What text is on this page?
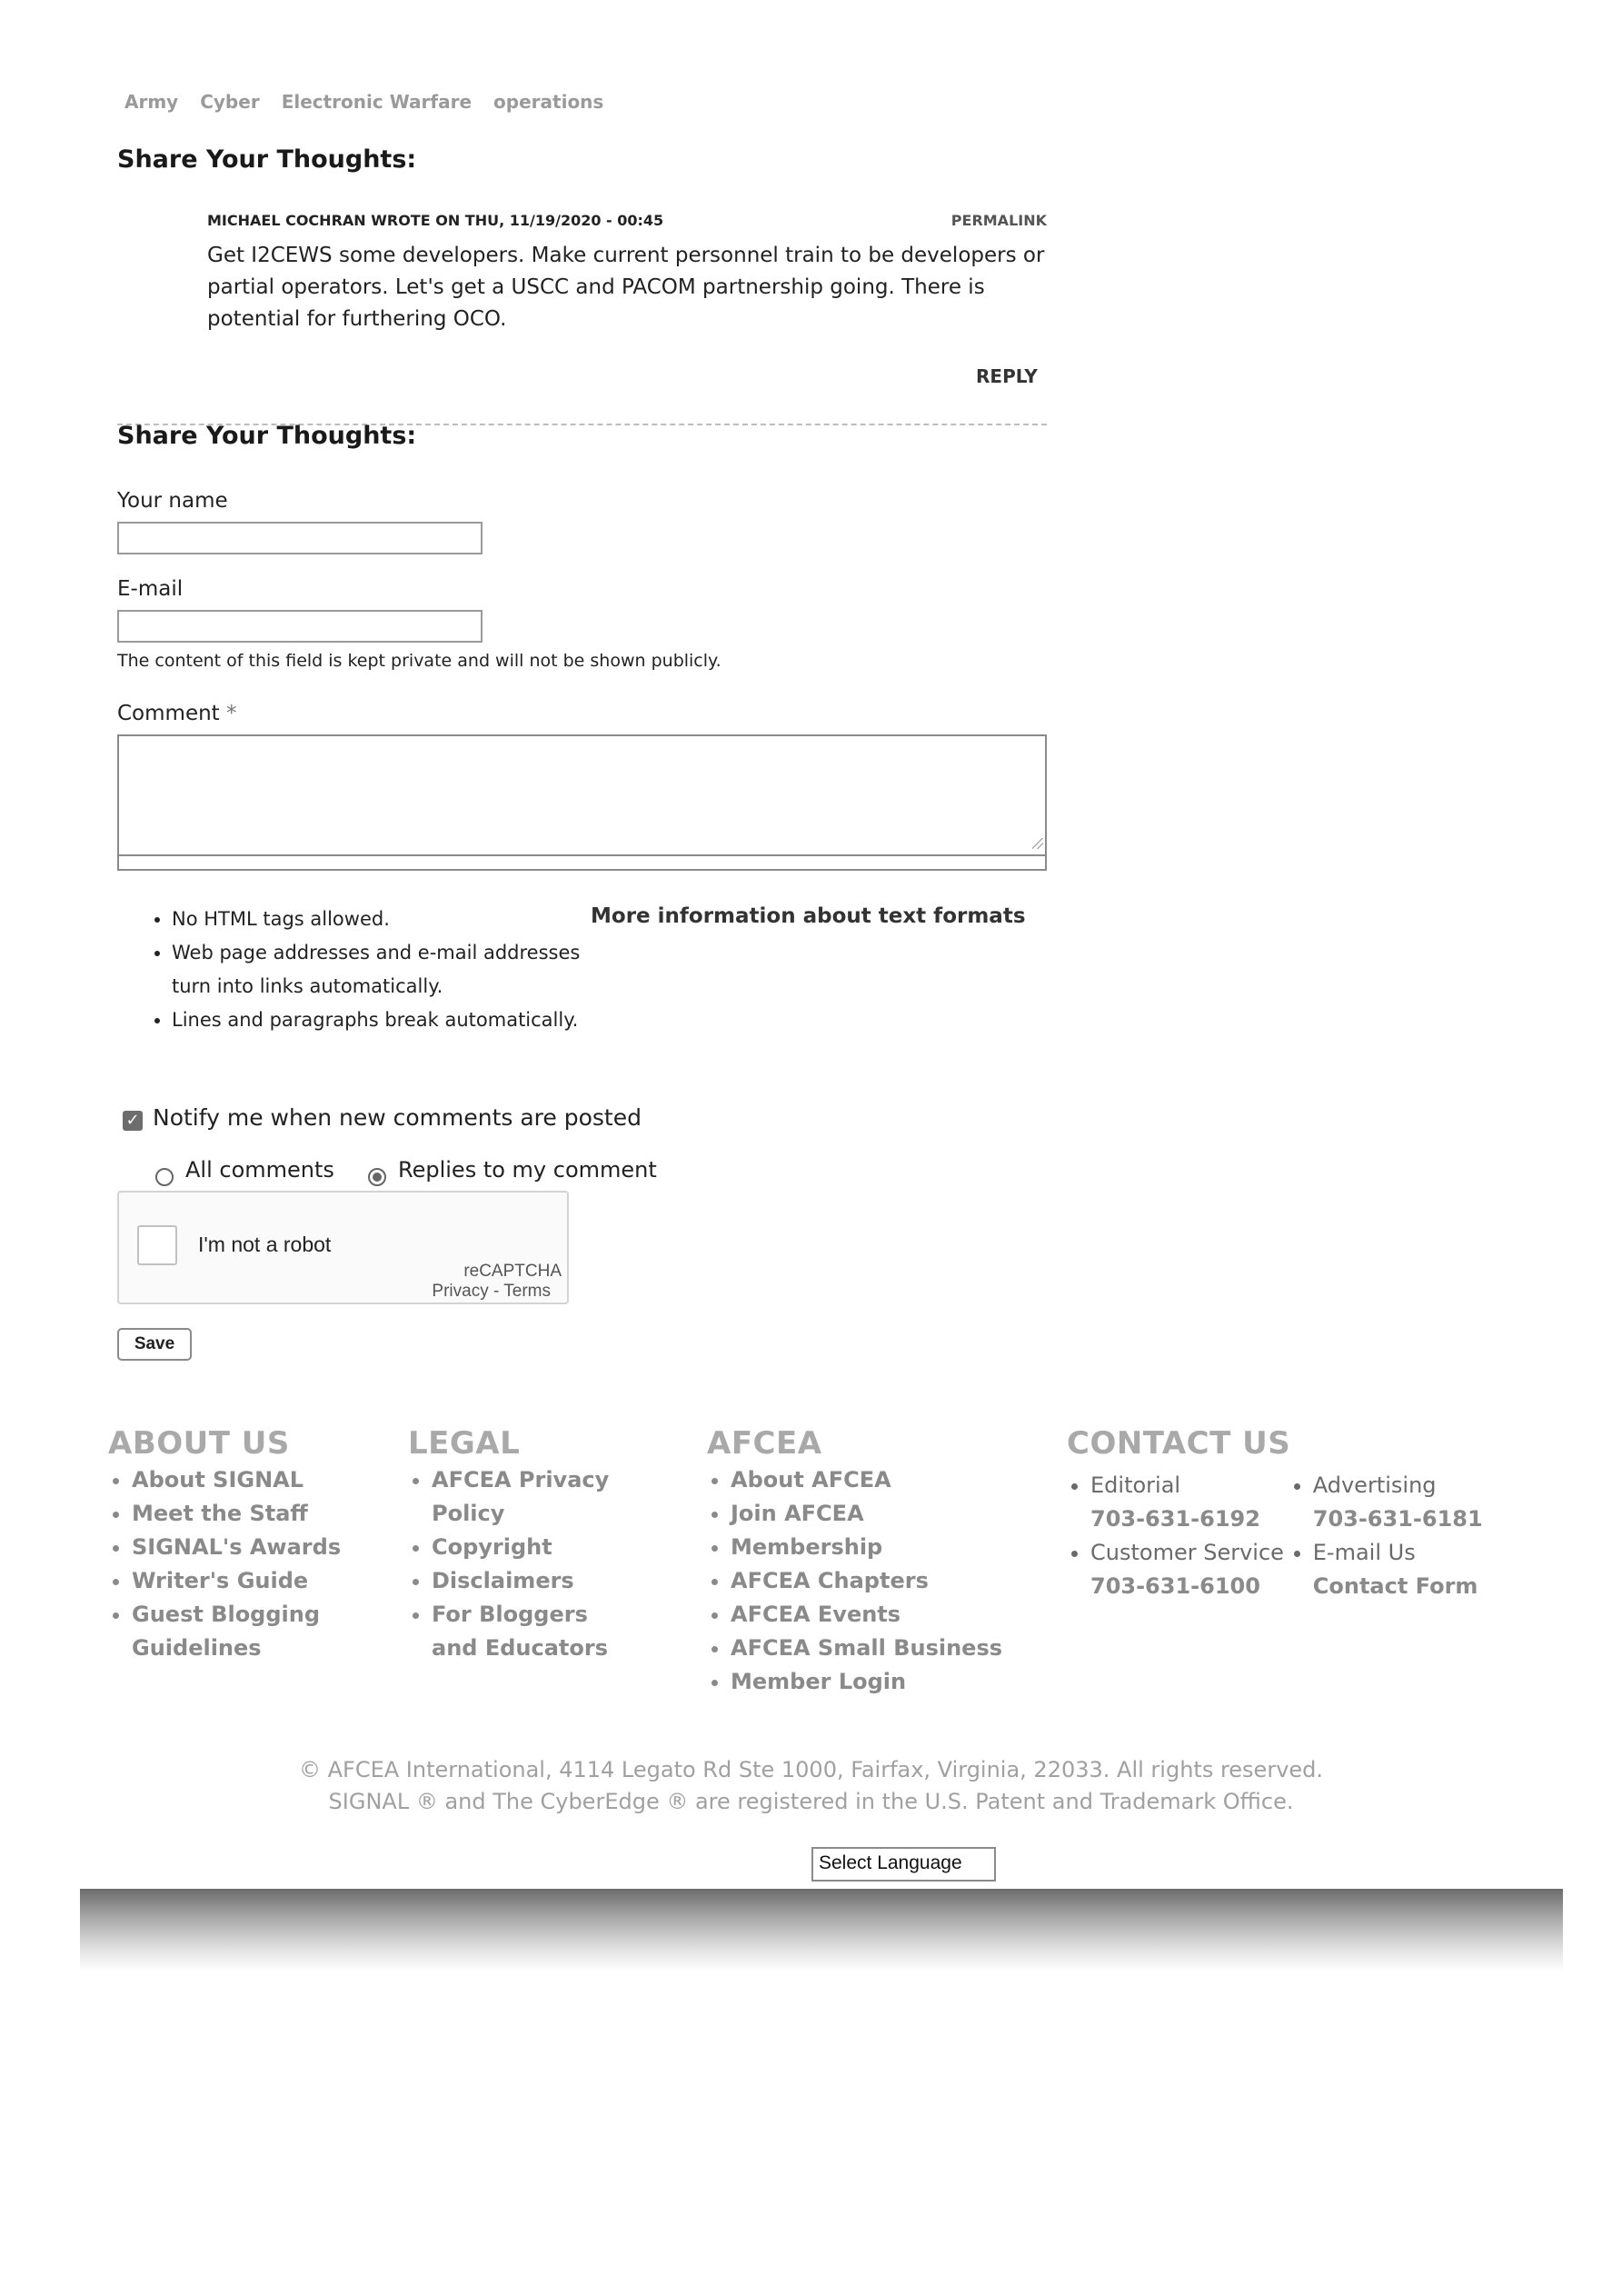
Army Cyber Electronic Warfare operations
Share Your Thoughts:
MICHAEL COCHRAN WROTE ON THU, 11/19/2020 - 00:45	PERMALINK
Get I2CEWS some developers. Make current personnel train to be developers or partial operators. Let's get a USCC and PACOM partnership going. There is potential for furthering OCO.
REPLY
Share Your Thoughts:
Your name
E-mail
The content of this field is kept private and will not be shown publicly.
Comment *
• No HTML tags allowed.
• Web page addresses and e-mail addresses turn into links automatically.
• Lines and paragraphs break automatically.
More information about text formats
✓ Notify me when new comments are posted
All comments	Replies to my comment
I'm not a robot
reCAPTCHA
Privacy - Terms
Save
ABOUT US
• About SIGNAL
• Meet the Staff
• SIGNAL's Awards
• Writer's Guide
• Guest Blogging Guidelines
LEGAL
• AFCEA Privacy Policy
• Copyright
• Disclaimers
• For Bloggers and Educators
AFCEA
• About AFCEA
• Join AFCEA
• Membership
• AFCEA Chapters
• AFCEA Events
• AFCEA Small Business
• Member Login
CONTACT US
• Editorial
703-631-6192
• Customer Service
703-631-6100
• Advertising
703-631-6181
• E-mail Us
Contact Form
© AFCEA International, 4114 Legato Rd Ste 1000, Fairfax, Virginia, 22033. All rights reserved.
SIGNAL ® and The CyberEdge ® are registered in the U.S. Patent and Trademark Office.
Select Language
